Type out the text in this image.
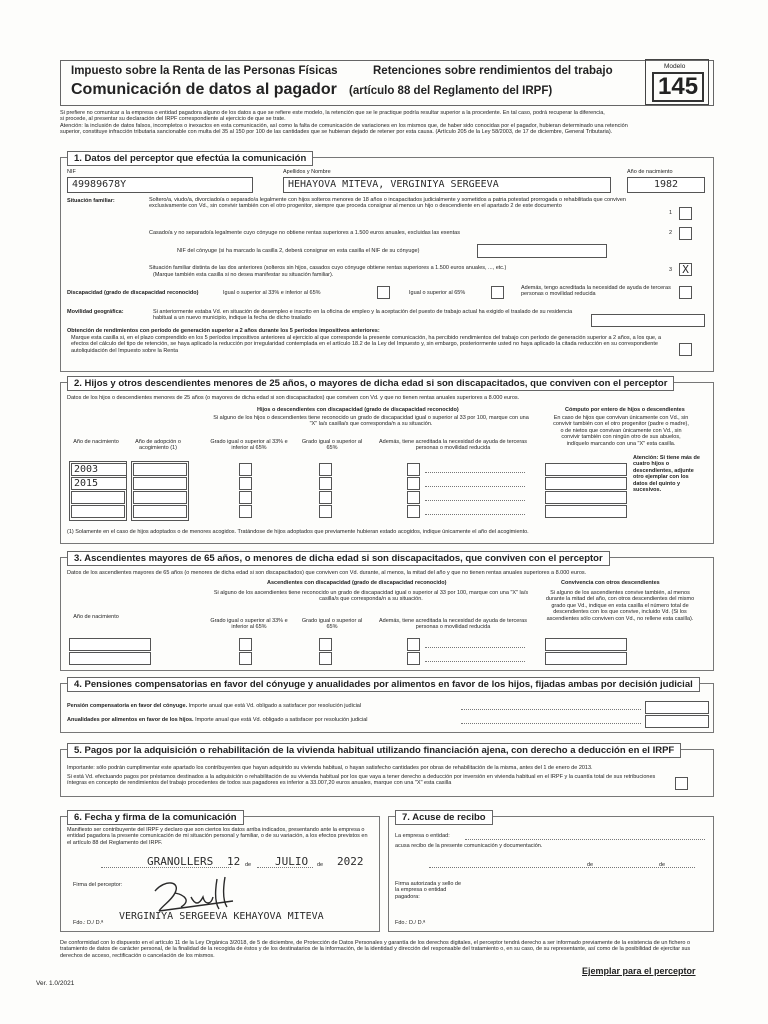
Impuesto sobre la Renta de las Personas Físicas	Retenciones sobre rendimientos del trabajo
Comunicación de datos al pagador (artículo 88 del Reglamento del IRPF)
Modelo
145
Si prefiere no comunicar a la empresa o entidad pagadora alguno de los datos a que se refiere este modelo, la retención que se le practique podría resultar superior a la procedente. En tal caso, podrá recuperar la diferencia,
si procede, al presentar su declaración del IRPF correspondiente al ejercicio de que se trate.
Atención: la inclusión de datos falsos, incompletos o inexactos en esta comunicación, así como la falta de comunicación de variaciones en los mismos que, de haber sido conocidas por el pagador, hubieran determinado una retención
superior, constituye infracción tributaria sancionable con multa del 35 al 150 por 100 de las cantidades que se hubieran dejado de retener por esta causa. (Artículo 205 de la Ley 58/2003, de 17 de diciembre, General Tributaria).
1. Datos del perceptor que efectúa la comunicación
NIF
49989678Y
Apellidos y Nombre
HEHAYOVA MITEVA, VERGINIYA SERGEEVA
Año de nacimiento
1982
Situación familiar:	Soltero/a, viudo/a, divorciado/a o separado/a legalmente con hijos solteros menores de 18 años o incapacitados judicialmente y sometidos a patria potestad prorrogada o rehabilitada que conviven exclusivamente con Vd., sin convivir también con el otro progenitor, siempre que proceda consignar al menos un hijo o descendiente en el apartado 2 de este documento
1
Casado/a y no separado/a legalmente cuyo cónyuge no obtiene rentas superiores a 1.500 euros anuales, excluidas las exentas	2
NIF del cónyuge (si ha marcado la casilla 2, deberá consignar en esta casilla el NIF de su cónyuge)
Situación familiar distinta de las dos anteriores (solteros sin hijos, casados cuyo cónyuge obtiene rentas superiores a 1.500 euros anuales, ..., etc.)
(Marque también esta casilla si no desea manifestar su situación familiar).
3 X
Discapacidad (grado de discapacidad reconocido)	Igual o superior al 33% e inferior al 65%	Igual o superior al 65%
Además, tengo acreditada la necesidad de ayuda de terceras personas o movilidad reducida
Movilidad geográfica:	Si anteriormente estaba Vd. en situación de desempleo e inscrito en la oficina de empleo y la aceptación del puesto de trabajo actual ha exigido el traslado de su residencia habitual a un nuevo municipio, indique la fecha de dicho traslado
Obtención de rendimientos con período de generación superior a 2 años durante los 5 períodos impositivos anteriores:
Marque esta casilla si, en el plazo comprendido en los 5 períodos impositivos anteriores al ejercicio al que corresponde la presente comunicación, ha percibido rendimientos del trabajo con período de generación superior a 2 años, a los que, a efectos del cálculo del tipo de retención, se haya aplicado la reducción por irregularidad contemplada en el artículo 18.2 de la Ley del Impuesto y, sin embargo, posteriormente usted no haya aplicado la citada reducción en su correspondiente autoliquidación del Impuesto sobre la Renta
2. Hijos y otros descendientes menores de 25 años, o mayores de dicha edad si son discapacitados, que conviven con el perceptor
Datos de los hijos o descendientes menores de 25 años (o mayores de dicha edad si son discapacitados) que conviven con Vd. y que no tienen rentas anuales superiores a 8.000 euros.
Hijos o descendientes con discapacidad (grado de discapacidad reconocido)
Si alguno de los hijos o descendientes tiene reconocido un grado de discapacidad igual o superior al 33 por 100, marque con una "X" la/s casilla/s que corresponda/n a su situación.
Año de nacimiento	Año de adopción o acogimiento (1)
Grado igual o superior al 33% e inferior al 65%
Grado igual o superior al 65%
Además, tiene acreditada la necesidad de ayuda de terceras personas o movilidad reducida
Cómputo por entero de hijos o descendientes
En caso de hijos que convivan únicamente con Vd., sin convivir también con el otro progenitor (padre o madre), o de nietos que convivan únicamente con Vd., sin convivir también con ningún otro de sus abuelos, indíquelo marcando con una "X" esta casilla.
2003
2015
Atención: Si tiene más de cuatro hijos o descendientes, adjunte otro ejemplar con los datos del quinto y sucesivos.
(1) Solamente en el caso de hijos adoptados o de menores acogidos. Tratándose de hijos adoptados que previamente hubieran estado acogidos, indique únicamente el año del acogimiento.
3. Ascendientes mayores de 65 años, o menores de dicha edad si son discapacitados, que conviven con el perceptor
Datos de los ascendientes mayores de 65 años (o menores de dicha edad si son discapacitados) que conviven con Vd. durante, al menos, la mitad del año y que no tienen rentas anuales superiores a 8.000 euros.
Ascendientes con discapacidad (grado de discapacidad reconocido)
Si alguno de los ascendientes tiene reconocido un grado de discapacidad igual o superior al 33 por 100, marque con una "X" la/s casilla/s que corresponda/n a su situación.
Año de nacimiento
Grado igual o superior al 33% e inferior al 65%
Grado igual o superior al 65%
Además, tiene acreditada la necesidad de ayuda de terceras personas o movilidad reducida
Convivencia con otros descendientes
Si alguno de los ascendientes convive también, al menos durante la mitad del año, con otros descendientes del mismo grado que Vd., indique en esta casilla el número total de descendientes con los que convive, incluido Vd. (Si los ascendientes sólo conviven con Vd., no rellene esta casilla).
4. Pensiones compensatorias en favor del cónyuge y anualidades por alimentos en favor de los hijos, fijadas ambas por decisión judicial
Pensión compensatoria en favor del cónyuge. Importe anual que está Vd. obligado a satisfacer por resolución judicial
Anualidades por alimentos en favor de los hijos. Importe anual que está Vd. obligado a satisfacer por resolución judicial
5. Pagos por la adquisición o rehabilitación de la vivienda habitual utilizando financiación ajena, con derecho a deducción en el IRPF
Importante: sólo podrán cumplimentar este apartado los contribuyentes que hayan adquirido su vivienda habitual, o hayan satisfecho cantidades por obras de rehabilitación de la misma, antes del 1 de enero de 2013.
Si está Vd. efectuando pagos por préstamos destinados a la adquisición o rehabilitación de su vivienda habitual por los que vaya a tener derecho a deducción por inversión en vivienda habitual en el IRPF y la cuantía total de sus retribuciones íntegras en concepto de rendimientos del trabajo procedentes de todos sus pagadores es inferior a 33.007,20 euros anuales, marque con una "X" esta casilla
6. Fecha y firma de la comunicación
Manifiesto ser contribuyente del IRPF y declaro que son ciertos los datos arriba indicados, presentando ante la empresa o entidad pagadora la presente comunicación de mi situación personal y familiar, o de su variación, a los efectos previstos en el artículo 88 del Reglamento del IRPF.
GRANOLLERS 12 de JULIO de 2022
Firma del perceptor:
Fdo.: D./ D.ª
VERGINIYA SERGEEVA KEHAYOVA MITEVA
7. Acuse de recibo
La empresa o entidad:
acusa recibo de la presente comunicación y documentación.
de	de
Firma autorizada y sello de la empresa o entidad pagadora:
Fdo.: D./ D.ª
De conformidad con lo dispuesto en el artículo 11 de la Ley Orgánica 3/2018, de 5 de diciembre, de Protección de Datos Personales y garantía de los derechos digitales, el perceptor tendrá derecho a ser informado previamente de la existencia de un fichero o tratamiento de datos de carácter personal, de la finalidad de la recogida de éstos y de los destinatarios de la información, de la identidad y dirección del responsable del tratamiento o, en su caso, de su representante, así como de la posibilidad de ejercitar sus derechos de acceso, rectificación o cancelación de los mismos.
Ver. 1.0/2021
Ejemplar para el perceptor
